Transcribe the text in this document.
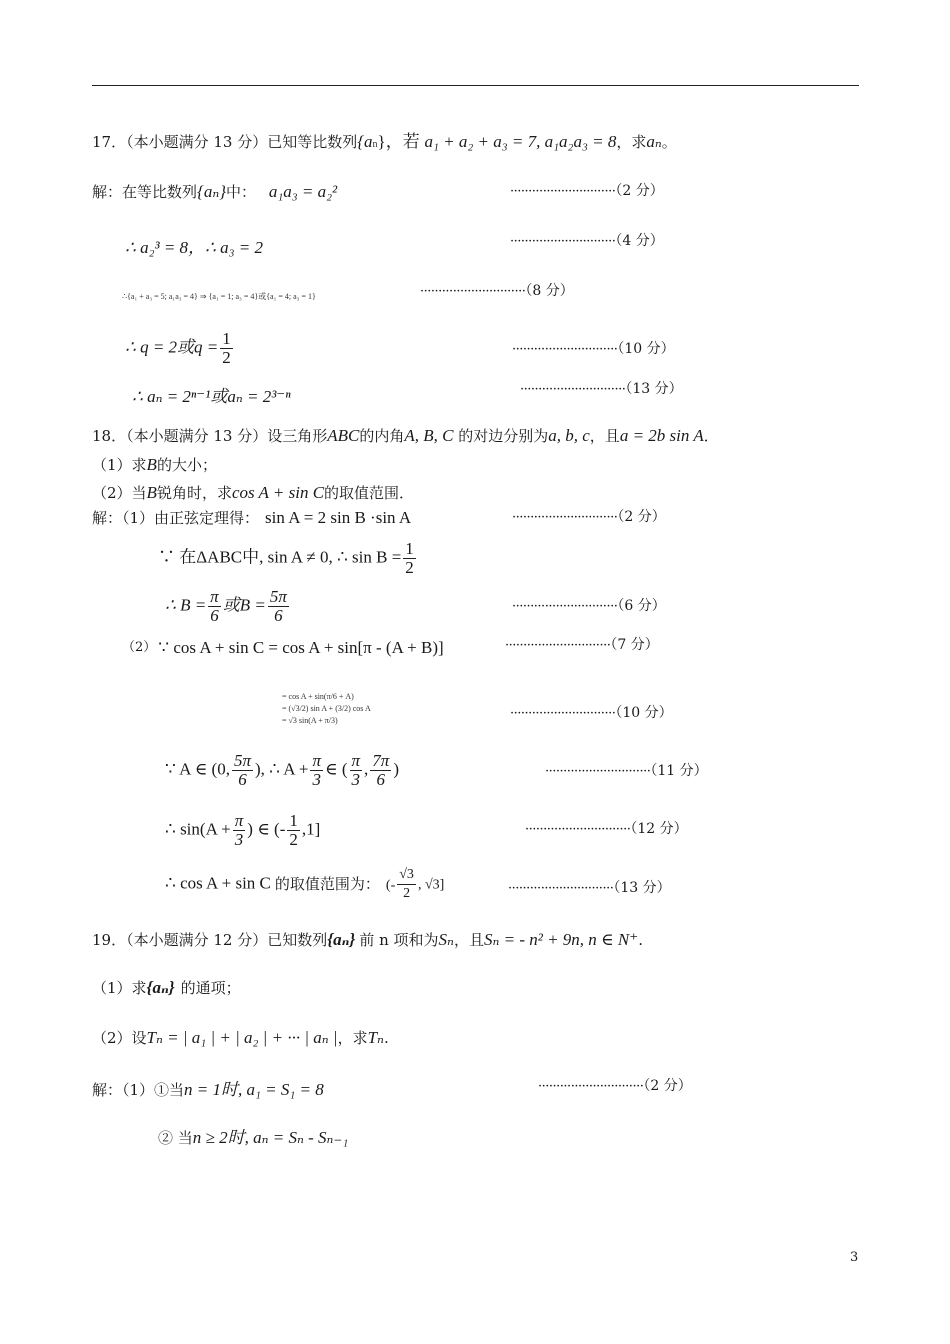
17．（本小题满分 13 分）已知等比数列{an}，若 a₁ + a₂ + a₃ = 7, a₁a₂a₃ = 8，求aₙ。
解：在等比数列{aₙ}中： a₁a₃ = a₂²	·····························（2 分）
∴ a₂³ = 8，∴ a₃ = 2	·····························（4 分）
∴{a₁ + a₃ = 5; a₁a₃ = 4} ⇒ {a₁ = 1; a₃ = 4}或{a₁ = 4; a₃ = 1}	·····························（8 分）
∴ q = 2或$q = \frac{1}{2}$	·····························（10 分）
∴ aₙ = 2ⁿ⁻¹或aₙ = 2³⁻ⁿ	·····························（13 分）
18．（本小题满分 13 分）设三角形ABC的内角A, B, C 的对边分别为a, b, c，且a = 2b sin A．
（1）求B的大小；
（2）当B锐角时，求cos A + sin C的取值范围．
解：（1）由正弦定理得： sin A = 2 sin B ·sin A	·····························（2 分）
∵ 在ΔABC中, sin A ≠ 0, ∴ $\sin B = \frac{1}{2}$
∴ $B = \frac{\pi}{6}$ 或$B = \frac{5\pi}{6}$	·····························（6 分）
（2） ∵ cos A + sin C = cos A + sin[π - (A + B)]	·····························（7 分）
= cos A + sin(π/6 + A)
= (√3/2) sin A + (3/2) cos A
= √3 sin(A + π/3)	·····························（10 分）
∵ A ∈ (0, $\frac{5\pi}{6}$ ), ∴ $A + \frac{\pi}{3}$ ∈ ( $\frac{\pi}{3}$ , $\frac{7\pi}{6}$ )	·····························（11 分）
∴ $\sin(A + \frac{\pi}{3}$ ) ∈ (- $\frac{1}{2} ,1$]	·····························（12 分）
∴ cos A + sin C 的取值范围为： (- $\frac{√3}{2}$ , √3]	·····························（13 分）
19．（本小题满分 12 分）已知数列{aₙ} 前 n 项和为Sₙ，且Sₙ = - n² + 9n, n ∈ N⁺.
（1）求{aₙ} 的通项；
（2）设Tₙ = | a₁ | + | a₂ | + ··· | aₙ |，求Tₙ.
解：（1）①当n = 1时, a₁ = S₁ = 8	·····························（2 分）
② 当n ≥ 2时, aₙ = Sₙ - Sₙ₋₁
3
